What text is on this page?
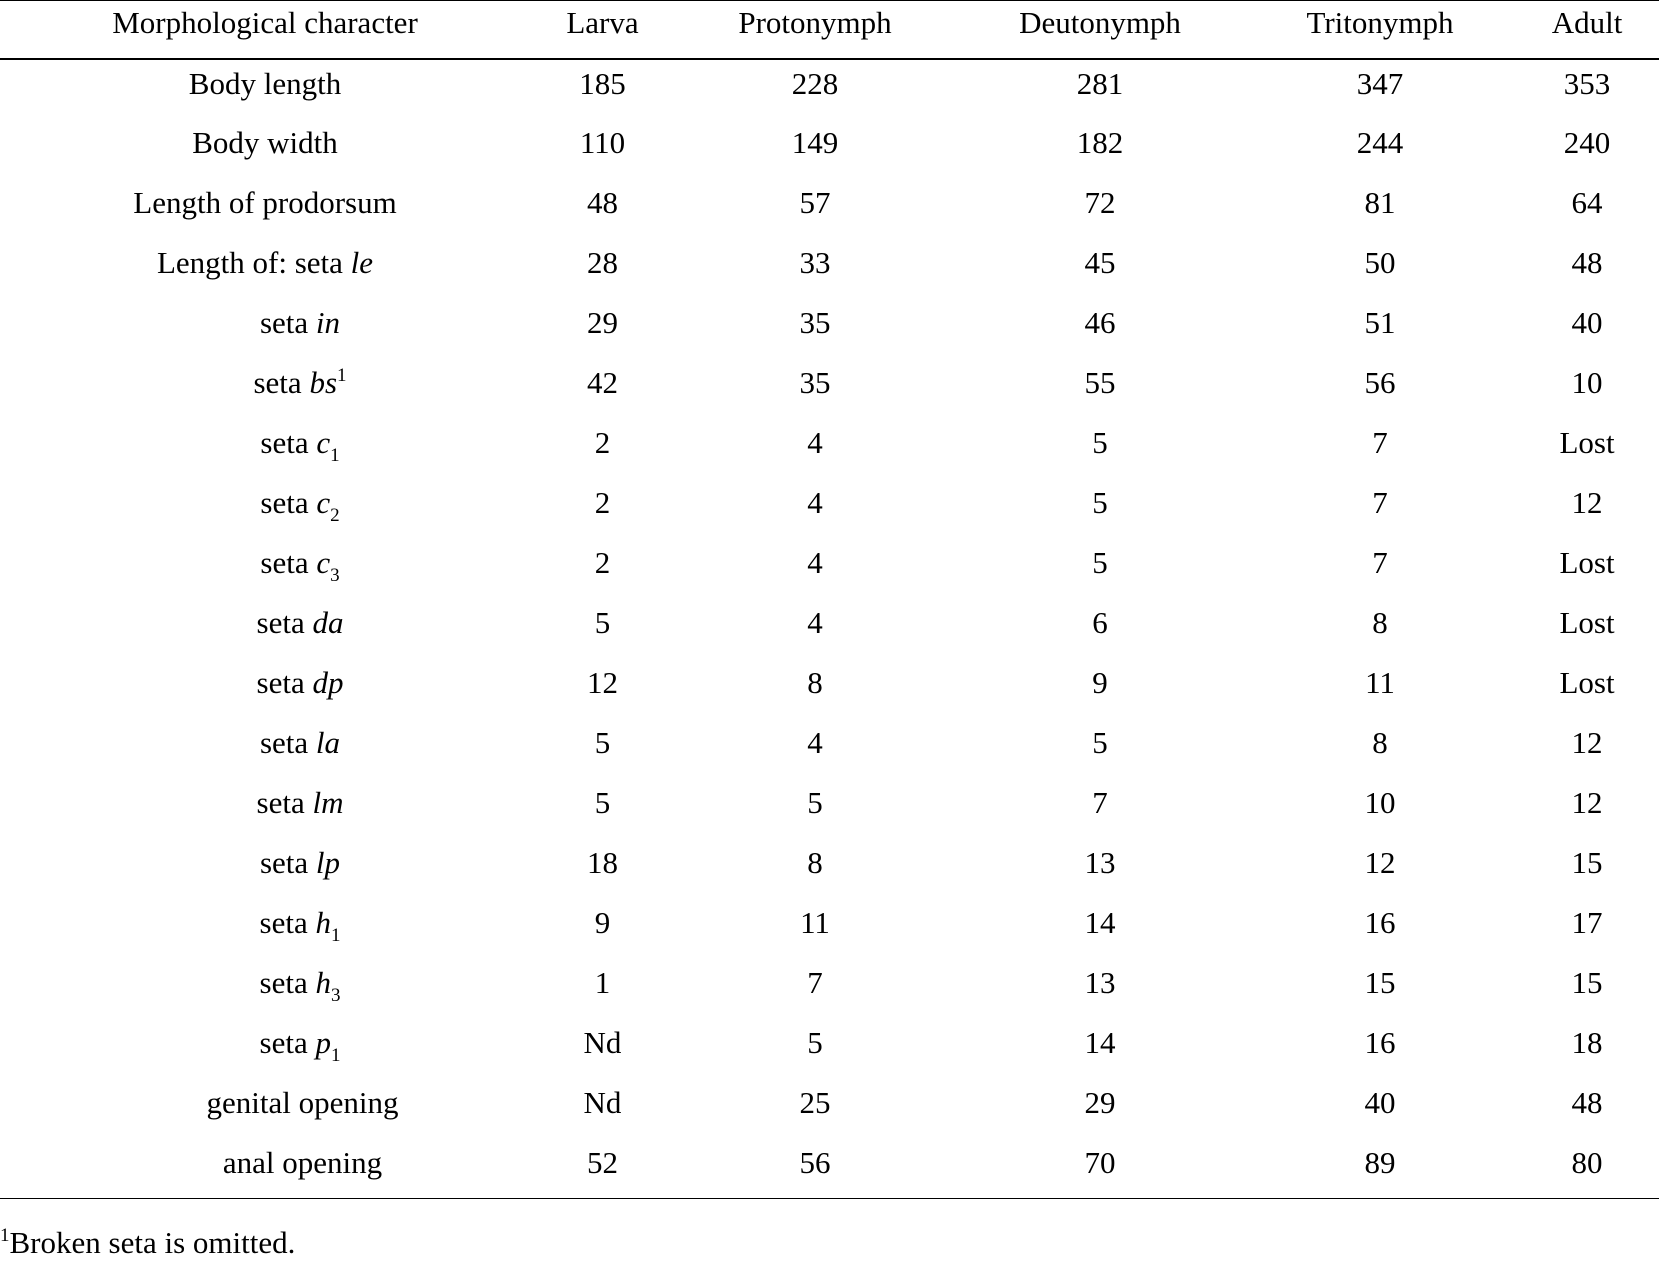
Morphological character	Larva	Protonymph	Deutonymph	Tritonymph	Adult
Body length	185	228	281	347	353
Body width	110	149	182	244	240
Length of prodorsum	48	57	72	81	64
Length of: seta le	28	33	45	50	48
seta in	29	35	46	51	40
seta $bs^1$	42	35	55	56	10
seta $c_1$	2	4	5	7	Lost
seta $c_2$	2	4	5	7	12
seta $c_3$	2	4	5	7	Lost
seta da	5	4	6	8	Lost
seta dp	12	8	9	11	Lost
seta la	5	4	5	8	12
seta lm	5	5	7	10	12
seta lp	18	8	13	12	15
seta $h_1$	9	11	14	16	17
seta $h_3$	1	7	13	15	15
seta $p_1$	Nd	5	14	16	18
genital opening	Nd	25	29	40	48
anal opening	52	56	70	89	80
$^1$Broken seta is omitted.
